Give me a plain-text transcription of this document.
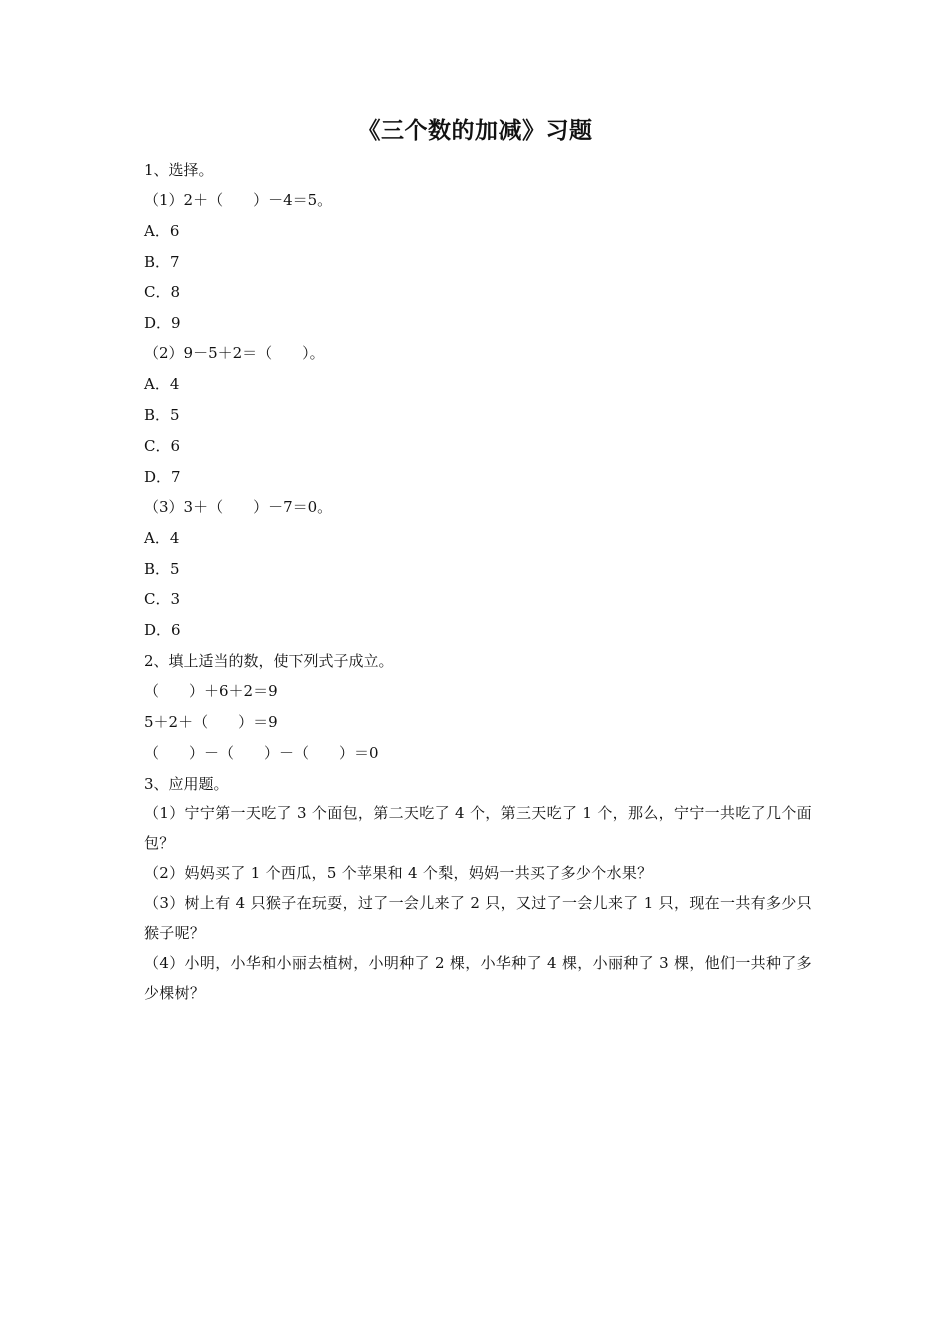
《三个数的加减》习题
1、选择。
（1）2＋（　　）－4＝5。
A．6
B．7
C．8
D．9
（2）9－5＋2＝（　　）。
A．4
B．5
C．6
D．7
（3）3＋（　　）－7＝0。
A．4
B．5
C．3
D．6
2、填上适当的数，使下列式子成立。
（　　）＋6＋2＝9
5＋2＋（　　）＝9
（　　）－（　　）－（　　）＝0
3、应用题。
（1）宁宁第一天吃了 3 个面包，第二天吃了 4 个，第三天吃了 1 个，那么，宁宁一共吃了几个面包？
（2）妈妈买了 1 个西瓜，5 个苹果和 4 个梨，妈妈一共买了多少个水果？
（3）树上有 4 只猴子在玩耍，过了一会儿来了 2 只，又过了一会儿来了 1 只，现在一共有多少只猴子呢？
（4）小明，小华和小丽去植树，小明种了 2 棵，小华种了 4 棵，小丽种了 3 棵，他们一共种了多少棵树？
